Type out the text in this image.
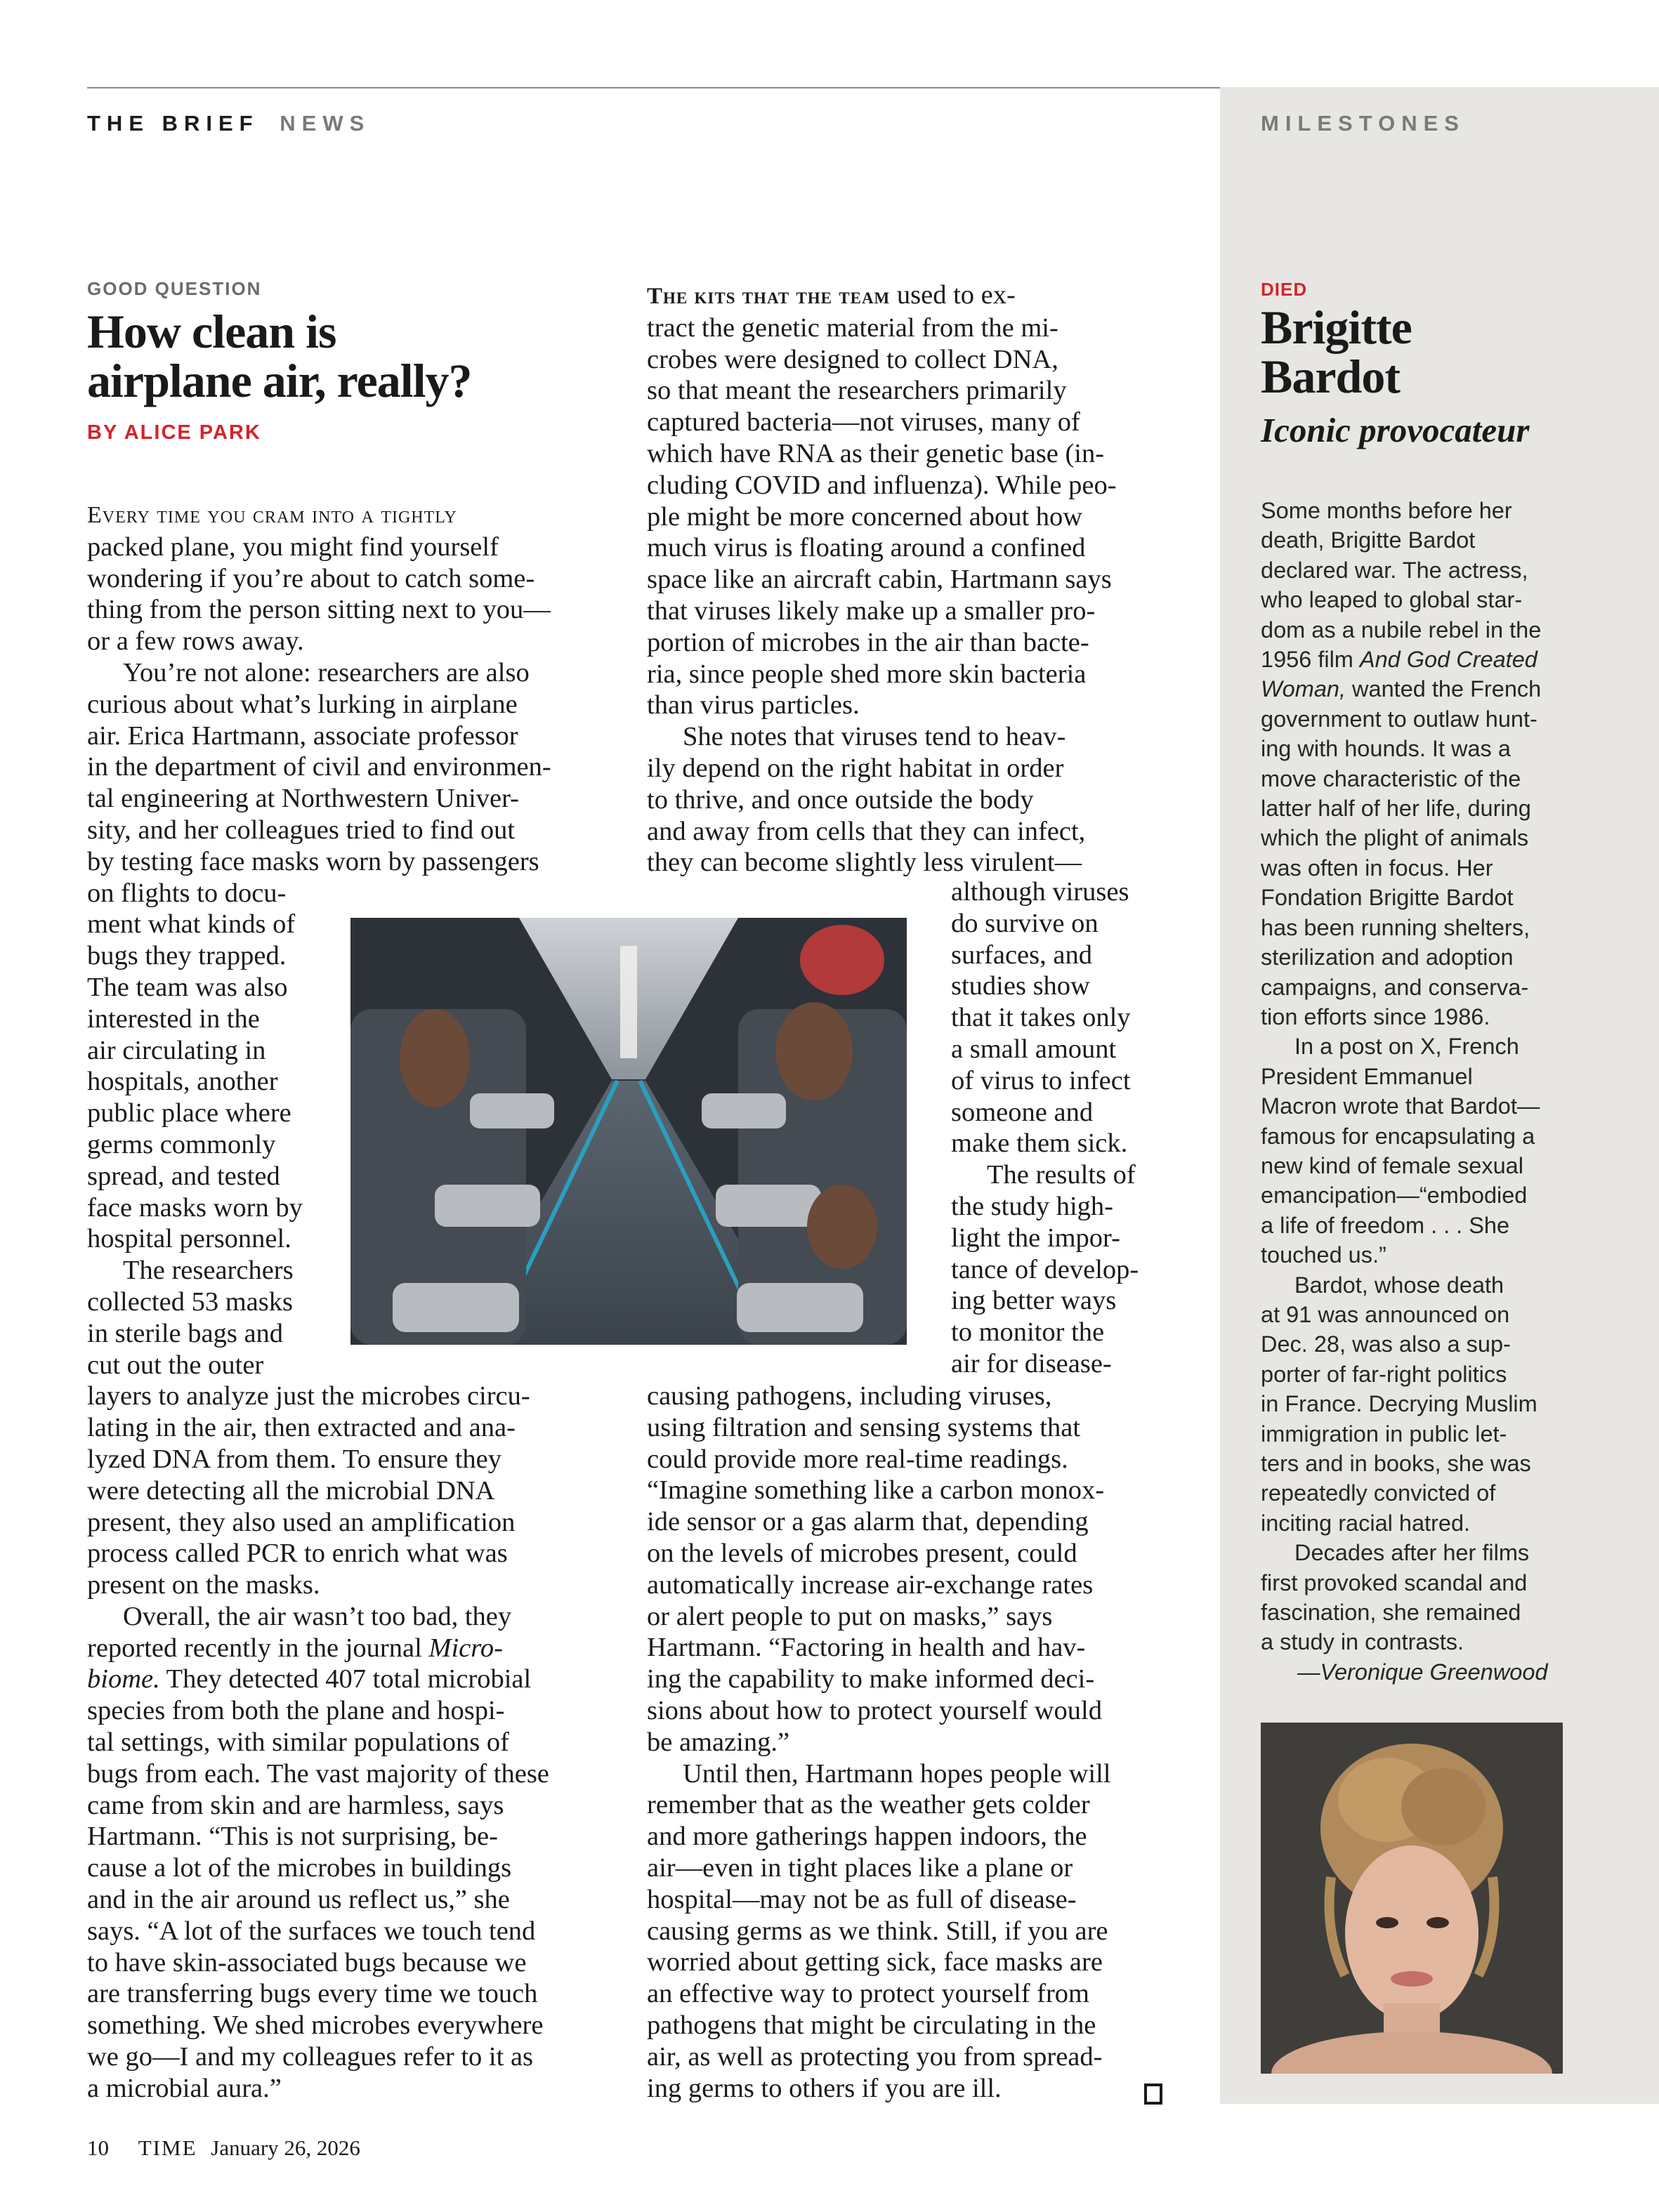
THE BRIEF NEWS	MILESTONES
GOOD QUESTION
How clean is
airplane air, really?
BY ALICE PARK
Every time you cram into a tightly
packed plane, you might find yourself
wondering if you’re about to catch some-
thing from the person sitting next to you—
or a few rows away.
You’re not alone: researchers are also
curious about what’s lurking in airplane
air. Erica Hartmann, associate professor
in the department of civil and environmen-
tal engineering at Northwestern Univer-
sity, and her colleagues tried to find out
by testing face masks worn by passengers
on flights to docu-
ment what kinds of
bugs they trapped.
The team was also
interested in the
air circulating in
hospitals, another
public place where
germs commonly
spread, and tested
face masks worn by
hospital personnel.
The researchers
collected 53 masks
in sterile bags and
cut out the outer
layers to analyze just the microbes circu-
lating in the air, then extracted and ana-
lyzed DNA from them. To ensure they
were detecting all the microbial DNA
present, they also used an amplification
process called PCR to enrich what was
present on the masks.
Overall, the air wasn’t too bad, they
reported recently in the journal Micro-
biome. They detected 407 total microbial
species from both the plane and hospi-
tal settings, with similar populations of
bugs from each. The vast majority of these
came from skin and are harmless, says
Hartmann. “This is not surprising, be-
cause a lot of the microbes in buildings
and in the air around us reflect us,” she
says. “A lot of the surfaces we touch tend
to have skin-associated bugs because we
are transferring bugs every time we touch
something. We shed microbes everywhere
we go—I and my colleagues refer to it as
a microbial aura.”
The kits that the team used to ex-
tract the genetic material from the mi-
crobes were designed to collect DNA,
so that meant the researchers primarily
captured bacteria—not viruses, many of
which have RNA as their genetic base (in-
cluding COVID and influenza). While peo-
ple might be more concerned about how
much virus is floating around a confined
space like an aircraft cabin, Hartmann says
that viruses likely make up a smaller pro-
portion of microbes in the air than bacte-
ria, since people shed more skin bacteria
than virus particles.
She notes that viruses tend to heav-
ily depend on the right habitat in order
to thrive, and once outside the body
and away from cells that they can infect,
they can become slightly less virulent—
although viruses
do survive on
surfaces, and
studies show
that it takes only
a small amount
of virus to infect
someone and
make them sick.
The results of
the study high-
light the impor-
tance of develop-
ing better ways
to monitor the
air for disease-
causing pathogens, including viruses,
using filtration and sensing systems that
could provide more real-time readings.
“Imagine something like a carbon monox-
ide sensor or a gas alarm that, depending
on the levels of microbes present, could
automatically increase air-exchange rates
or alert people to put on masks,” says
Hartmann. “Factoring in health and hav-
ing the capability to make informed deci-
sions about how to protect yourself would
be amazing.”
Until then, Hartmann hopes people will
remember that as the weather gets colder
and more gatherings happen indoors, the
air—even in tight places like a plane or
hospital—may not be as full of disease-
causing germs as we think. Still, if you are
worried about getting sick, face masks are
an effective way to protect yourself from
pathogens that might be circulating in the
air, as well as protecting you from spread-
ing germs to others if you are ill.
DIED
Brigitte
Bardot
Iconic provocateur
Some months before her
death, Brigitte Bardot
declared war. The actress,
who leaped to global star-
dom as a nubile rebel in the
1956 film And God Created
Woman, wanted the French
government to outlaw hunt-
ing with hounds. It was a
move characteristic of the
latter half of her life, during
which the plight of animals
was often in focus. Her
Fondation Brigitte Bardot
has been running shelters,
sterilization and adoption
campaigns, and conserva-
tion efforts since 1986.
In a post on X, French
President Emmanuel
Macron wrote that Bardot—
famous for encapsulating a
new kind of female sexual
emancipation—“embodied
a life of freedom . . . She
touched us.”
Bardot, whose death
at 91 was announced on
Dec. 28, was also a sup-
porter of far-right politics
in France. Decrying Muslim
immigration in public let-
ters and in books, she was
repeatedly convicted of
inciting racial hatred.
Decades after her films
first provoked scandal and
fascination, she remained
a study in contrasts.
—Veronique Greenwood
10 TIME January 26, 2026
